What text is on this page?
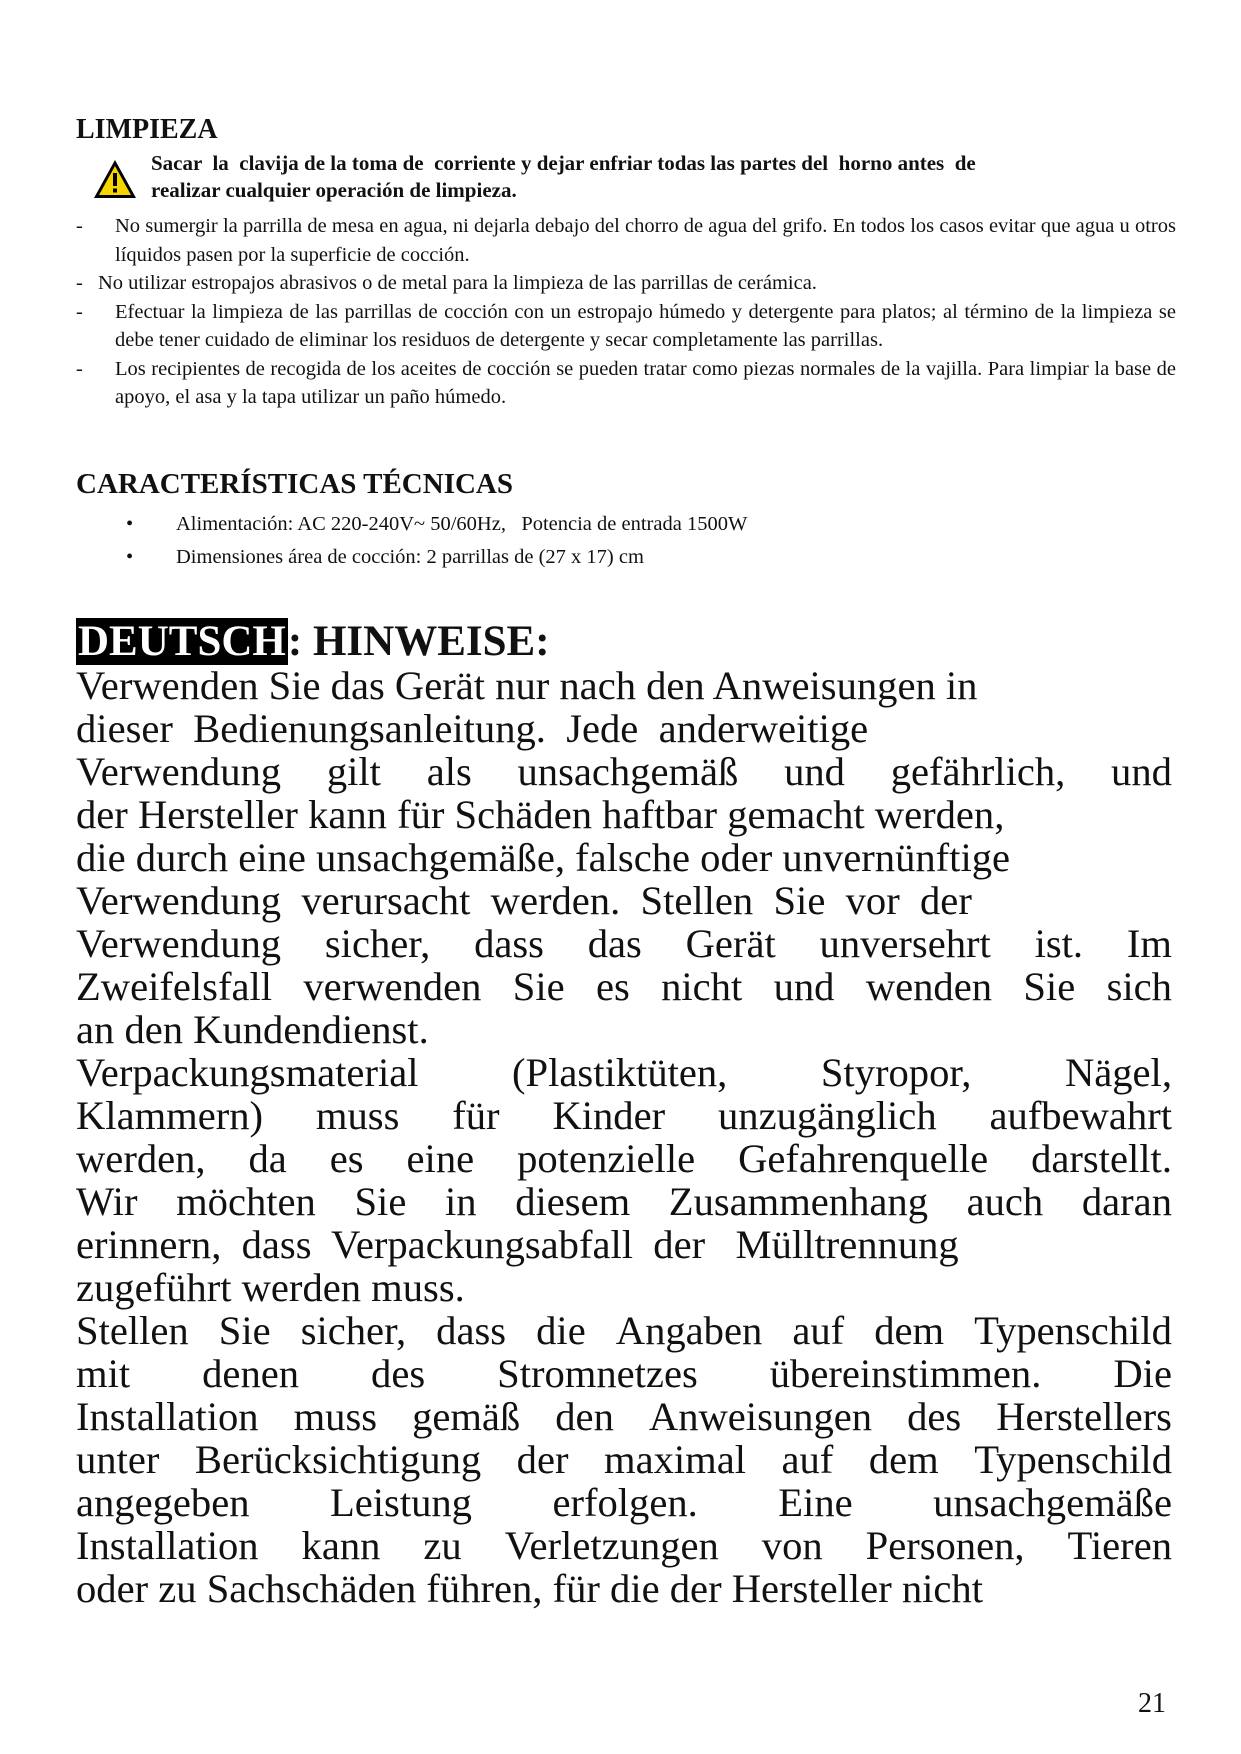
LIMPIEZA
Sacar  la  clavija de la toma de  corriente y dejar enfriar todas las partes del  horno antes  de
realizar cualquier operación de limpieza.
- No sumergir la parrilla de mesa en agua, ni dejarla debajo del chorro de agua del grifo. En todos los casos evitar que agua u otros líquidos pasen por la superficie de cocción.
- No utilizar estropajos abrasivos o de metal para la limpieza de las parrillas de cerámica.
- Efectuar la limpieza de las parrillas de cocción con un estropajo húmedo y detergente para platos; al término de la limpieza se debe tener cuidado de eliminar los residuos de detergente y secar completamente las parrillas.
- Los recipientes de recogida de los aceites de cocción se pueden tratar como piezas normales de la vajilla. Para limpiar la base de apoyo, el asa y la tapa utilizar un paño húmedo.
CARACTERÍSTICAS TÉCNICAS
• Alimentación: AC 220-240V~ 50/60Hz,   Potencia de entrada 1500W
• Dimensiones área de cocción: 2 parrillas de (27 x 17) cm
DEUTSCH: HINWEISE:
Verwenden Sie das Gerät nur nach den Anweisungen in
dieser  Bedienungsanleitung.  Jede  anderweitige
Verwendung gilt als unsachgemäß und gefährlich, und
der Hersteller kann für Schäden haftbar gemacht werden,
die durch eine unsachgemäße, falsche oder unvernünftige
Verwendung  verursacht  werden.  Stellen  Sie  vor  der
Verwendung sicher, dass das Gerät unversehrt ist. Im
Zweifelsfall verwenden Sie es nicht und wenden Sie sich
an den Kundendienst.
Verpackungsmaterial (Plastiktüten, Styropor, Nägel,
Klammern) muss für Kinder unzugänglich aufbewahrt
werden, da es eine potenzielle Gefahrenquelle darstellt.
Wir möchten Sie in diesem Zusammenhang auch daran
erinnern,  dass  Verpackungsabfall  der   Mülltrennung
zugeführt werden muss.
Stellen Sie sicher, dass die Angaben auf dem Typenschild
mit denen des Stromnetzes übereinstimmen. Die
Installation muss gemäß den Anweisungen des Herstellers
unter Berücksichtigung der maximal auf dem Typenschild
angegeben Leistung erfolgen. Eine unsachgemäße
Installation kann zu Verletzungen von Personen, Tieren
oder zu Sachschäden führen, für die der Hersteller nicht
21
